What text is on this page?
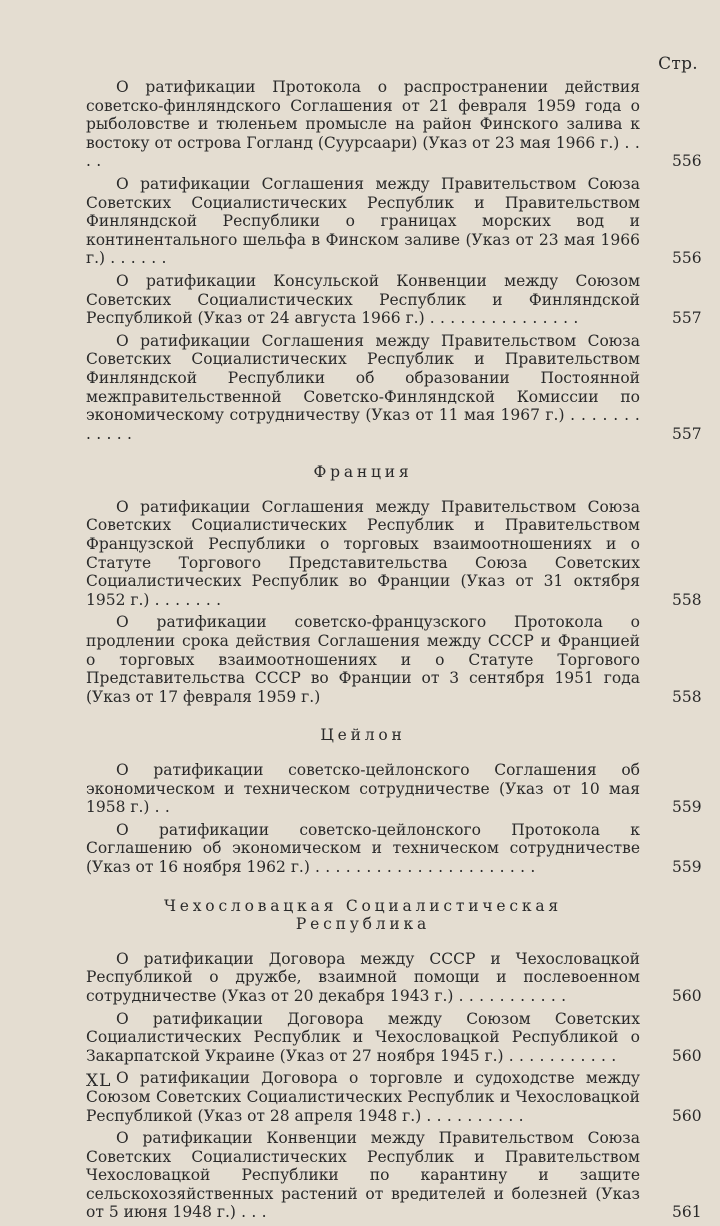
Стр.
О ратификации Протокола о распространении действия советско-финляндского Соглашения от 21 февраля 1959 года о рыболовстве и тюленьем промысле на район Финского залива к востоку от острова Гогланд (Суурсаари) (Указ от 23 мая 1966 г.) . . . .	556
О ратификации Соглашения между Правительством Союза Советских Социалистических Республик и Правительством Финляндской Республики о границах морских вод и континентального шельфа в Финском заливе (Указ от 23 мая 1966 г.) . . . . . .	556
О ратификации Консульской Конвенции между Союзом Советских Социалистических Республик и Финляндской Республикой (Указ от 24 августа 1966 г.) . . . . . . . . . . . . . . .	557
О ратификации Соглашения между Правительством Союза Советских Социалистических Республик и Правительством Финляндской Республики об образовании Постоянной межправительственной Советско-Финляндской Комиссии по экономическому сотрудничеству (Указ от 11 мая 1967 г.) . . . . . . . . . . . .	557
Франция
О ратификации Соглашения между Правительством Союза Советских Социалистических Республик и Правительством Французской Республики о торговых взаимоотношениях и о Статуте Торгового Представительства Союза Советских Социалистических Республик во Франции (Указ от 31 октября 1952 г.) . . . . . . .	558
О ратификации советско-французского Протокола о продлении срока действия Соглашения между СССР и Францией о торговых взаимоотношениях и о Статуте Торгового Представительства СССР во Франции от 3 сентября 1951 года (Указ от 17 февраля 1959 г.)	558
Цейлон
О ратификации советско-цейлонского Соглашения об экономическом и техническом сотрудничестве (Указ от 10 мая 1958 г.) . .	559
О ратификации советско-цейлонского Протокола к Соглашению об экономическом и техническом сотрудничестве (Указ от 16 ноября 1962 г.) . . . . . . . . . . . . . . . . . . . . . .	559
Чехословацкая Социалистическая
Республика
О ратификации Договора между СССР и Чехословацкой Республикой о дружбе, взаимной помощи и послевоенном сотрудничестве (Указ от 20 декабря 1943 г.) . . . . . . . . . . .	560
О ратификации Договора между Союзом Советских Социалистических Республик и Чехословацкой Республикой о Закарпатской Украине (Указ от 27 ноября 1945 г.) . . . . . . . . . . .	560
О ратификации Договора о торговле и судоходстве между Союзом Советских Социалистических Республик и Чехословацкой Республикой (Указ от 28 апреля 1948 г.) . . . . . . . . . .	560
О ратификации Конвенции между Правительством Союза Советских Социалистических Республик и Правительством Чехословацкой Республики по карантину и защите сельскохозяйственных растений от вредителей и болезней (Указ от 5 июня 1948 г.) . . .	561
XL
